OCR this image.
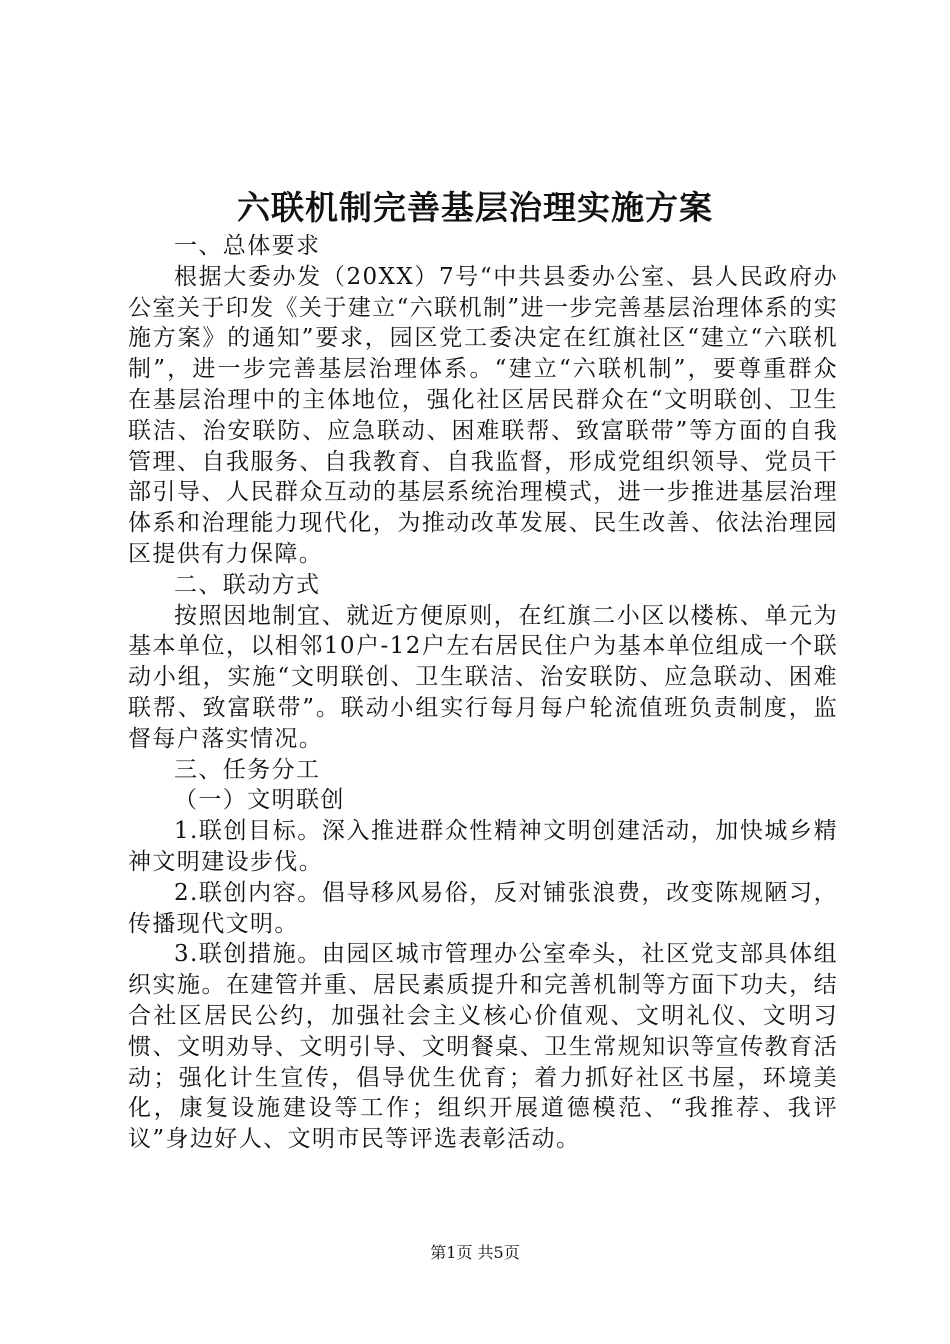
六联机制完善基层治理实施方案

一、总体要求

根据大委办发（20XX）7号“中共县委办公室、县人民政府办公室关于印发《关于建立“六联机制”进一步完善基层治理体系的实施方案》的通知”要求，园区党工委决定在红旗社区“建立“六联机制”，进一步完善基层治理体系。“建立“六联机制”，要尊重群众在基层治理中的主体地位，强化社区居民群众在“文明联创、卫生联洁、治安联防、应急联动、困难联帮、致富联带”等方面的自我管理、自我服务、自我教育、自我监督，形成党组织领导、党员干部引导、人民群众互动的基层系统治理模式，进一步推进基层治理体系和治理能力现代化，为推动改革发展、民生改善、依法治理园区提供有力保障。

二、联动方式

按照因地制宜、就近方便原则，在红旗二小区以楼栋、单元为基本单位，以相邻10户-12户左右居民住户为基本单位组成一个联动小组，实施“文明联创、卫生联洁、治安联防、应急联动、困难联帮、致富联带”。联动小组实行每月每户轮流值班负责制度，监督每户落实情况。

三、任务分工

（一）文明联创

1.联创目标。深入推进群众性精神文明创建活动，加快城乡精神文明建设步伐。

2.联创内容。倡导移风易俗，反对铺张浪费，改变陈规陋习，传播现代文明。

3.联创措施。由园区城市管理办公室牵头，社区党支部具体组织实施。在建管并重、居民素质提升和完善机制等方面下功夫，结合社区居民公约，加强社会主义核心价值观、文明礼仪、文明习惯、文明劝导、文明引导、文明餐桌、卫生常规知识等宣传教育活动；强化计生宣传，倡导优生优育；着力抓好社区书屋，环境美化，康复设施建设等工作；组织开展道德模范、“我推荐、我评议”身边好人、文明市民等评选表彰活动。

第1页 共5页
